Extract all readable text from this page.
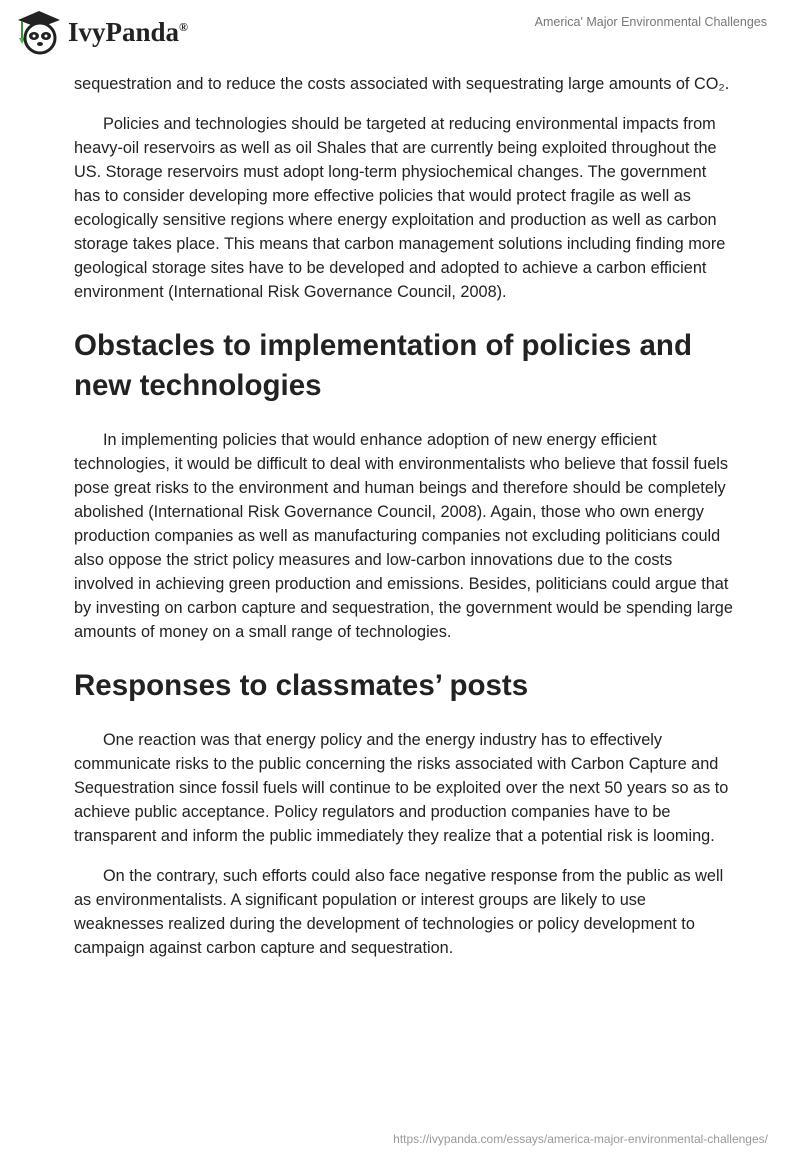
IvyPanda®	America' Major Environmental Challenges

sequestration and to reduce the costs associated with sequestrating large amounts of CO₂.

Policies and technologies should be targeted at reducing environmental impacts from heavy-oil reservoirs as well as oil Shales that are currently being exploited throughout the US. Storage reservoirs must adopt long-term physiochemical changes. The government has to consider developing more effective policies that would protect fragile as well as ecologically sensitive regions where energy exploitation and production as well as carbon storage takes place. This means that carbon management solutions including finding more geological storage sites have to be developed and adopted to achieve a carbon efficient environment (International Risk Governance Council, 2008).

Obstacles to implementation of policies and new technologies

In implementing policies that would enhance adoption of new energy efficient technologies, it would be difficult to deal with environmentalists who believe that fossil fuels pose great risks to the environment and human beings and therefore should be completely abolished (International Risk Governance Council, 2008). Again, those who own energy production companies as well as manufacturing companies not excluding politicians could also oppose the strict policy measures and low-carbon innovations due to the costs involved in achieving green production and emissions. Besides, politicians could argue that by investing on carbon capture and sequestration, the government would be spending large amounts of money on a small range of technologies.

Responses to classmates’ posts

One reaction was that energy policy and the energy industry has to effectively communicate risks to the public concerning the risks associated with Carbon Capture and Sequestration since fossil fuels will continue to be exploited over the next 50 years so as to achieve public acceptance. Policy regulators and production companies have to be transparent and inform the public immediately they realize that a potential risk is looming.

On the contrary, such efforts could also face negative response from the public as well as environmentalists. A significant population or interest groups are likely to use weaknesses realized during the development of technologies or policy development to campaign against carbon capture and sequestration.

https://ivypanda.com/essays/america-major-environmental-challenges/
